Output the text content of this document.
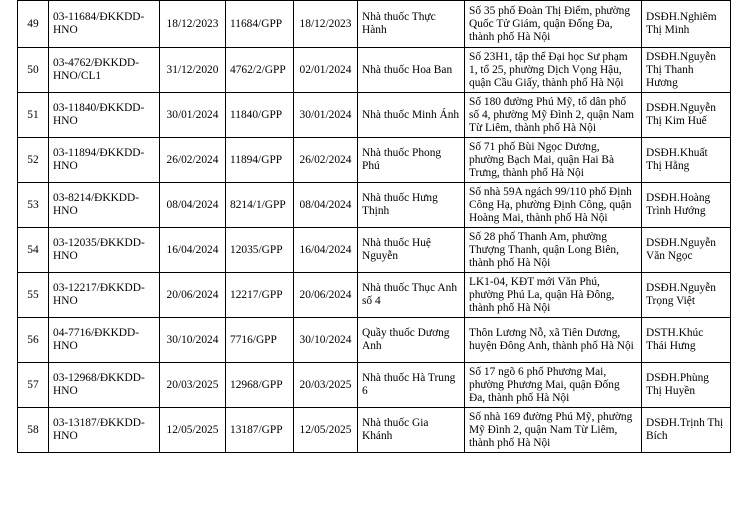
49	03-11684/ĐKKDD-HNO	18/12/2023	11684/GPP	18/12/2023	Nhà thuốc Thực Hành	Số 35 phố Đoàn Thị Điểm, phường Quốc Tử Giám, quận Đống Đa, thành phố Hà Nội	DSĐH.Nghiêm Thị Minh
50	03-4762/ĐKKDD-HNO/CL1	31/12/2020	4762/2/GPP	02/01/2024	Nhà thuốc Hoa Ban	Số 23H1, tập thể Đại học Sư phạm 1, tổ 25, phường Dịch Vọng Hậu, quận Cầu Giấy, thành phố Hà Nội	DSĐH.Nguyễn Thị Thanh Hương
51	03-11840/ĐKKDD-HNO	30/01/2024	11840/GPP	30/01/2024	Nhà thuốc Minh Ánh	Số 180 đường Phú Mỹ, tổ dân phố số 4, phường Mỹ Đình 2, quận Nam Từ Liêm, thành phố Hà Nội	DSĐH.Nguyễn Thị Kim Huế
52	03-11894/ĐKKDD-HNO	26/02/2024	11894/GPP	26/02/2024	Nhà thuốc Phong Phú	Số 71 phố Bùi Ngọc Dương, phường Bạch Mai, quận Hai Bà Trưng, thành phố Hà Nội	DSĐH.Khuất Thị Hằng
53	03-8214/ĐKKDD-HNO	08/04/2024	8214/1/GPP	08/04/2024	Nhà thuốc Hưng Thịnh	Số nhà 59A ngách 99/110 phố Định Công Hạ, phường Định Công, quận Hoàng Mai, thành phố Hà Nội	DSĐH.Hoàng Trình Hướng
54	03-12035/ĐKKDD-HNO	16/04/2024	12035/GPP	16/04/2024	Nhà thuốc Huệ Nguyễn	Số 28 phố Thanh Am, phường Thượng Thanh, quận Long Biên, thành phố Hà Nội	DSĐH.Nguyễn Văn Ngọc
55	03-12217/ĐKKDD-HNO	20/06/2024	12217/GPP	20/06/2024	Nhà thuốc Thục Anh số 4	LK1-04, KĐT mới Văn Phú, phường Phú La, quận Hà Đông, thành phố Hà Nội	DSĐH.Nguyễn Trọng Việt
56	04-7716/ĐKKDD-HNO	30/10/2024	7716/GPP	30/10/2024	Quầy thuốc Dương Anh	Thôn Lương Nỗ, xã Tiên Dương, huyện Đông Anh, thành phố Hà Nội	DSTH.Khúc Thái Hưng
57	03-12968/ĐKKDD-HNO	20/03/2025	12968/GPP	20/03/2025	Nhà thuốc Hà Trung 6	Số 17 ngõ 6 phố Phương Mai, phường Phương Mai, quận Đống Đa, thành phố Hà Nội	DSĐH.Phùng Thị Huyền
58	03-13187/ĐKKDD-HNO	12/05/2025	13187/GPP	12/05/2025	Nhà thuốc Gia Khánh	Số nhà 169 đường Phú Mỹ, phường Mỹ Đình 2, quận Nam Từ Liêm, thành phố Hà Nội	DSĐH.Trịnh Thị Bích
